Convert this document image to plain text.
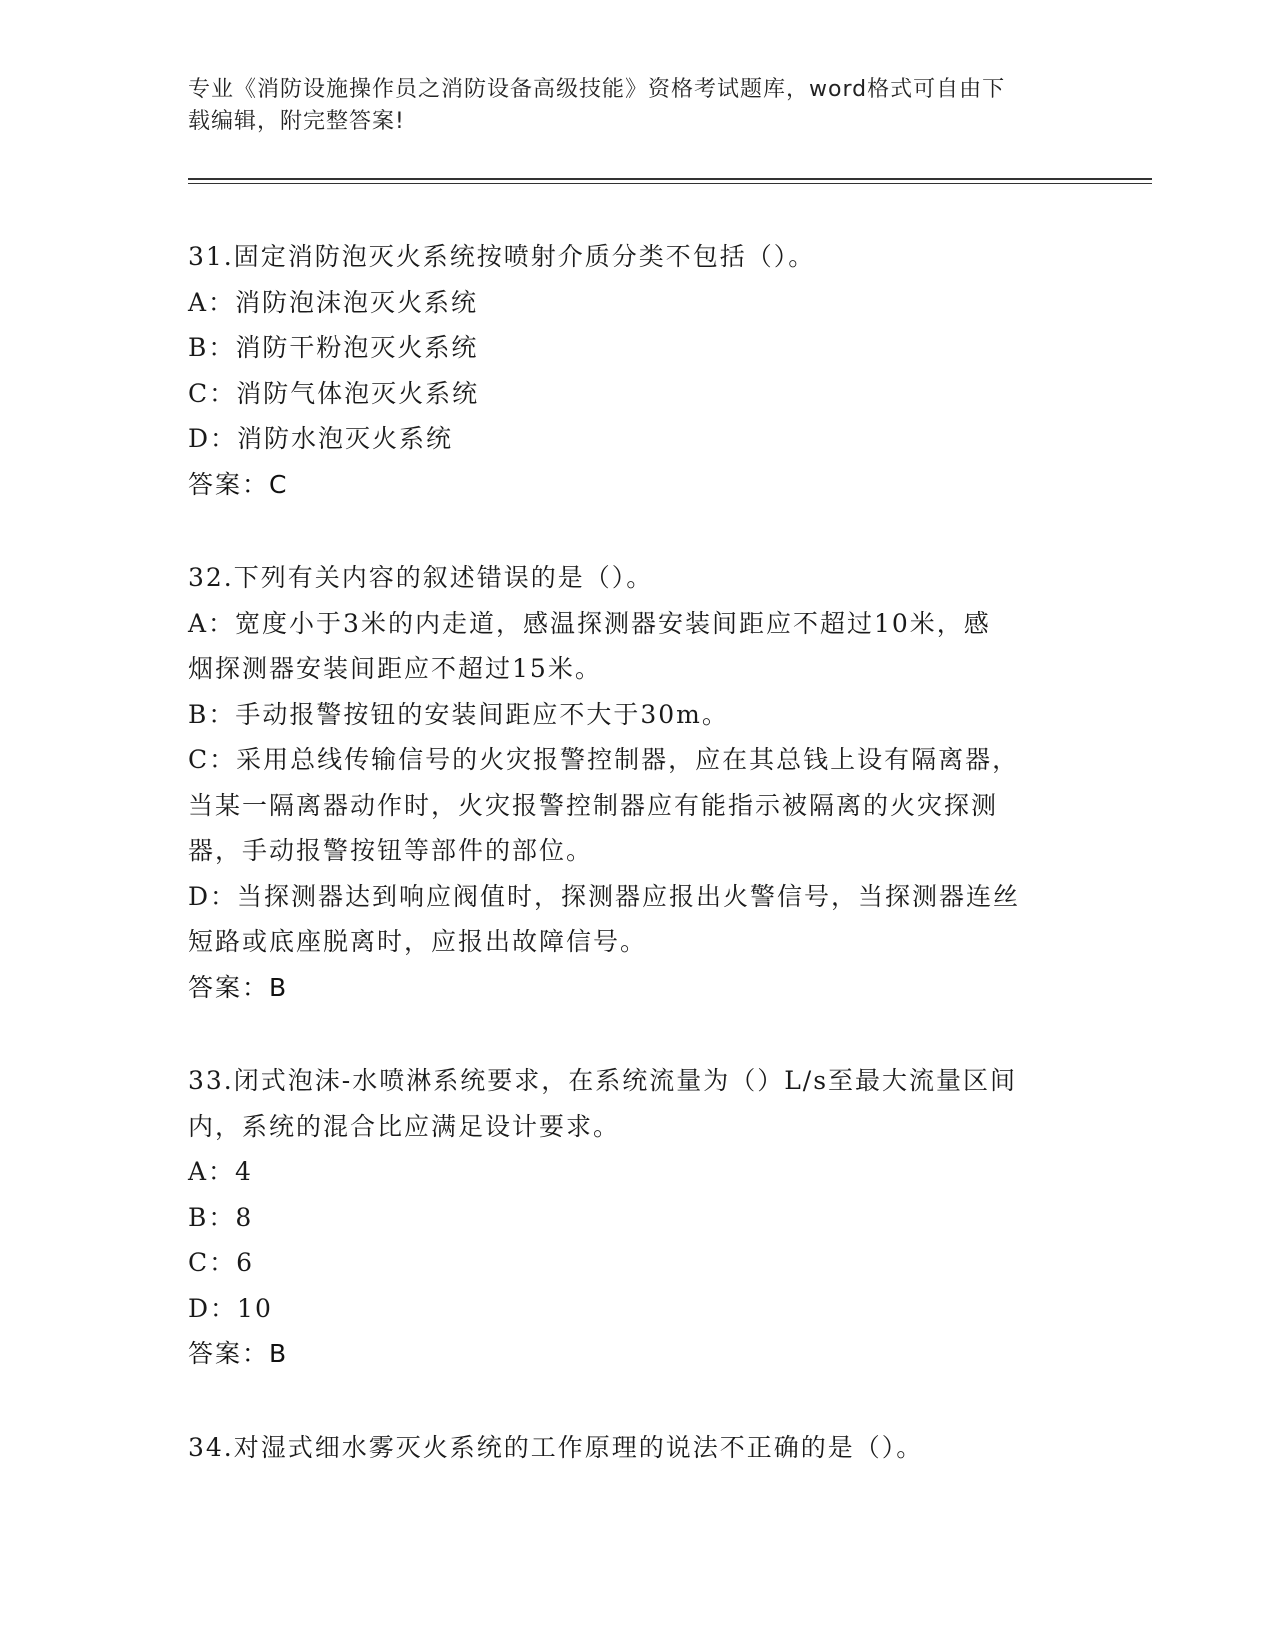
专业《消防设施操作员之消防设备高级技能》资格考试题库，word格式可自由下
载编辑，附完整答案!

31.固定消防泡灭火系统按喷射介质分类不包括（）。

A：消防泡沫泡灭火系统

B：消防干粉泡灭火系统

C：消防气体泡灭火系统

D：消防水泡灭火系统

答案：C

32.下列有关内容的叙述错误的是（）。

A：宽度小于3米的内走道，感温探测器安装间距应不超过10米，感

烟探测器安装间距应不超过15米。

B：手动报警按钮的安装间距应不大于30m。

C：采用总线传输信号的火灾报警控制器，应在其总钱上设有隔离器，

当某一隔离器动作时，火灾报警控制器应有能指示被隔离的火灾探测

器，手动报警按钮等部件的部位。

D：当探测器达到响应阀值时，探测器应报出火警信号，当探测器连丝

短路或底座脱离时，应报出故障信号。

答案：B

33.闭式泡沫-水喷淋系统要求，在系统流量为（）L/s至最大流量区间

内，系统的混合比应满足设计要求。

A：4

B：8

C：6

D：10

答案：B

34.对湿式细水雾灭火系统的工作原理的说法不正确的是（）。
